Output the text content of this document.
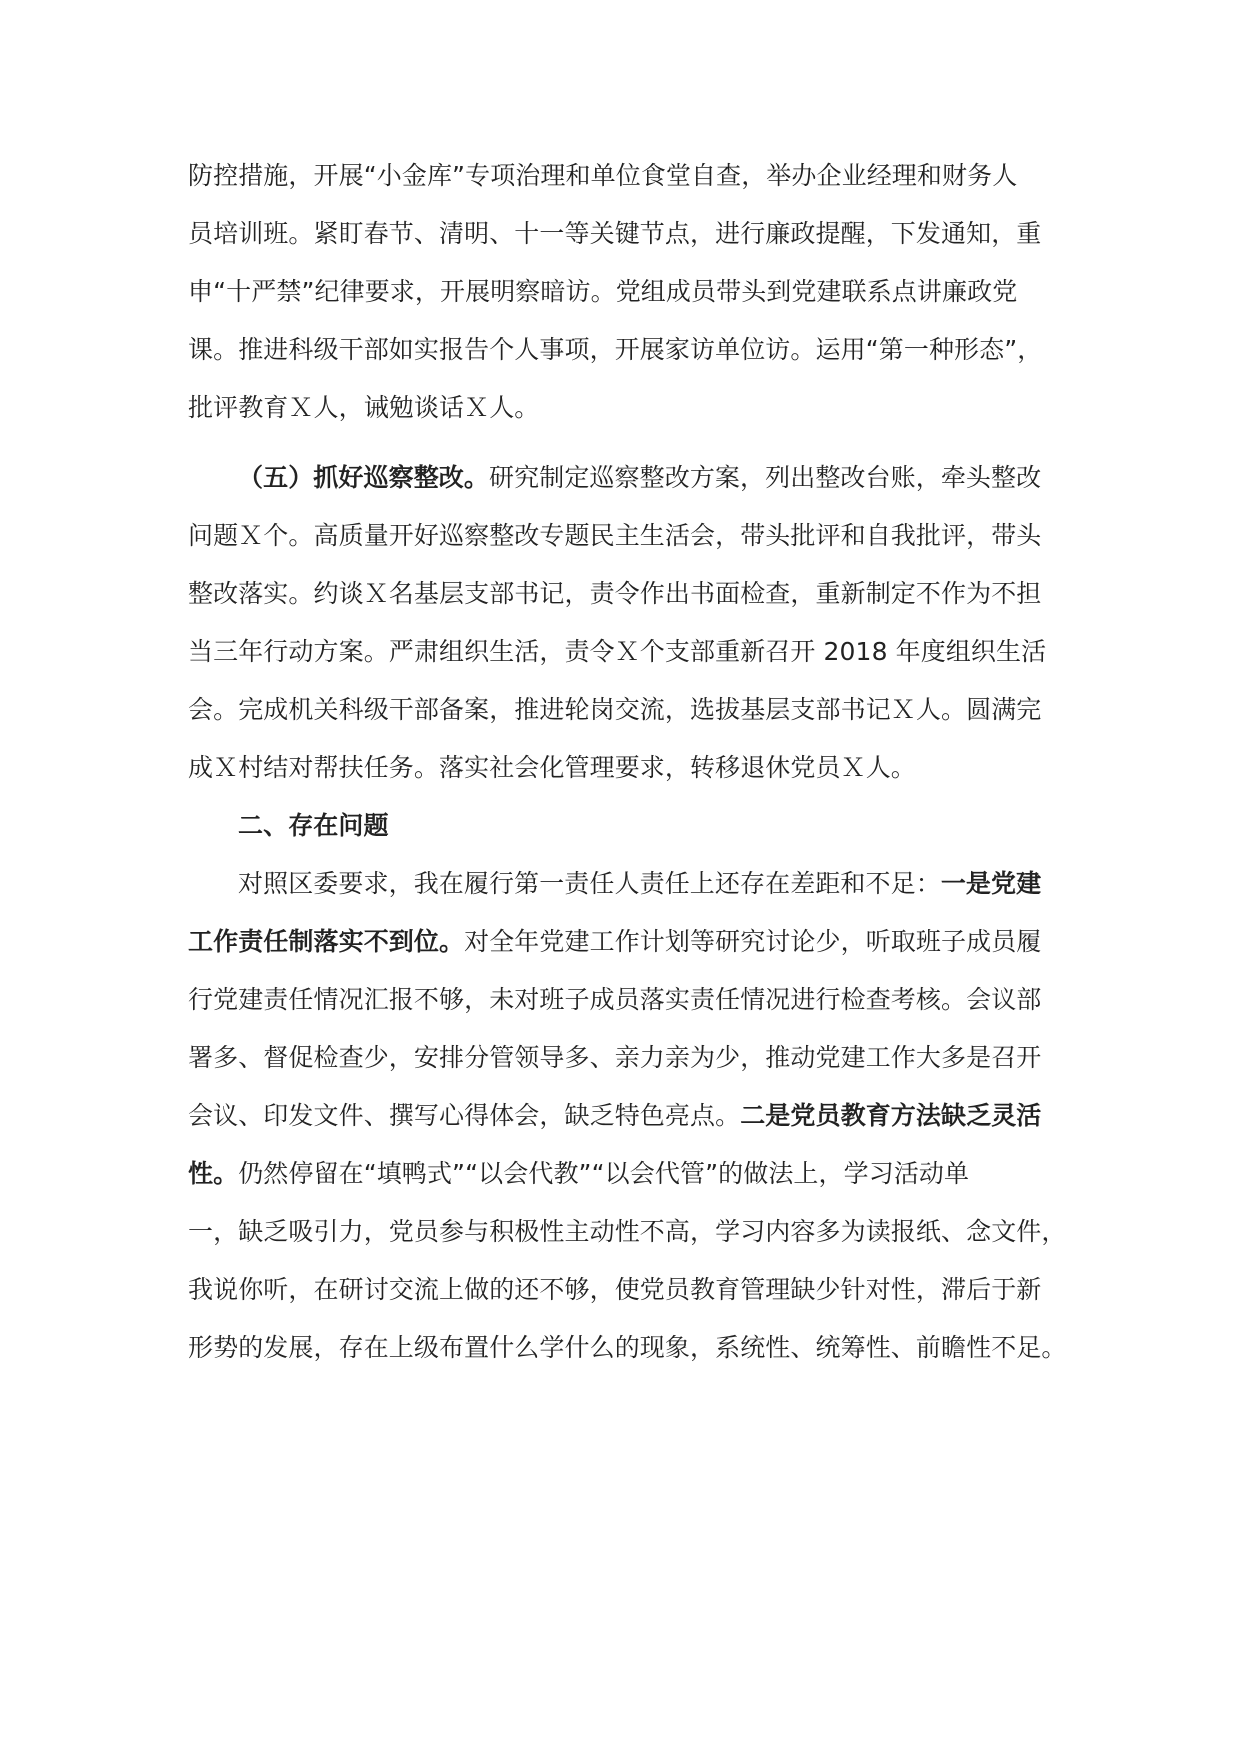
防控措施，开展“小金库”专项治理和单位食堂自查，举办企业经理和财务人
员培训班。紧盯春节、清明、十一等关键节点，进行廉政提醒，下发通知，重
申“十严禁”纪律要求，开展明察暗访。党组成员带头到党建联系点讲廉政党
课。推进科级干部如实报告个人事项，开展家访单位访。运用“第一种形态”，
批评教育Ｘ人，诫勉谈话Ｘ人。
（五）抓好巡察整改。研究制定巡察整改方案，列出整改台账，牵头整改
问题Ｘ个。高质量开好巡察整改专题民主生活会，带头批评和自我批评，带头
整改落实。约谈Ｘ名基层支部书记，责令作出书面检查，重新制定不作为不担
当三年行动方案。严肃组织生活，责令Ｘ个支部重新召开 2018 年度组织生活
会。完成机关科级干部备案，推进轮岗交流，选拔基层支部书记Ｘ人。圆满完
成Ｘ村结对帮扶任务。落实社会化管理要求，转移退休党员Ｘ人。
二、存在问题
对照区委要求，我在履行第一责任人责任上还存在差距和不足：一是党建
工作责任制落实不到位。对全年党建工作计划等研究讨论少，听取班子成员履
行党建责任情况汇报不够，未对班子成员落实责任情况进行检查考核。会议部
署多、督促检查少，安排分管领导多、亲力亲为少，推动党建工作大多是召开
会议、印发文件、撰写心得体会，缺乏特色亮点。二是党员教育方法缺乏灵活
性。仍然停留在“填鸭式”“以会代教”“以会代管”的做法上，学习活动单
一，缺乏吸引力，党员参与积极性主动性不高，学习内容多为读报纸、念文件，
我说你听，在研讨交流上做的还不够，使党员教育管理缺少针对性，滞后于新
形势的发展，存在上级布置什么学什么的现象，系统性、统筹性、前瞻性不足。
